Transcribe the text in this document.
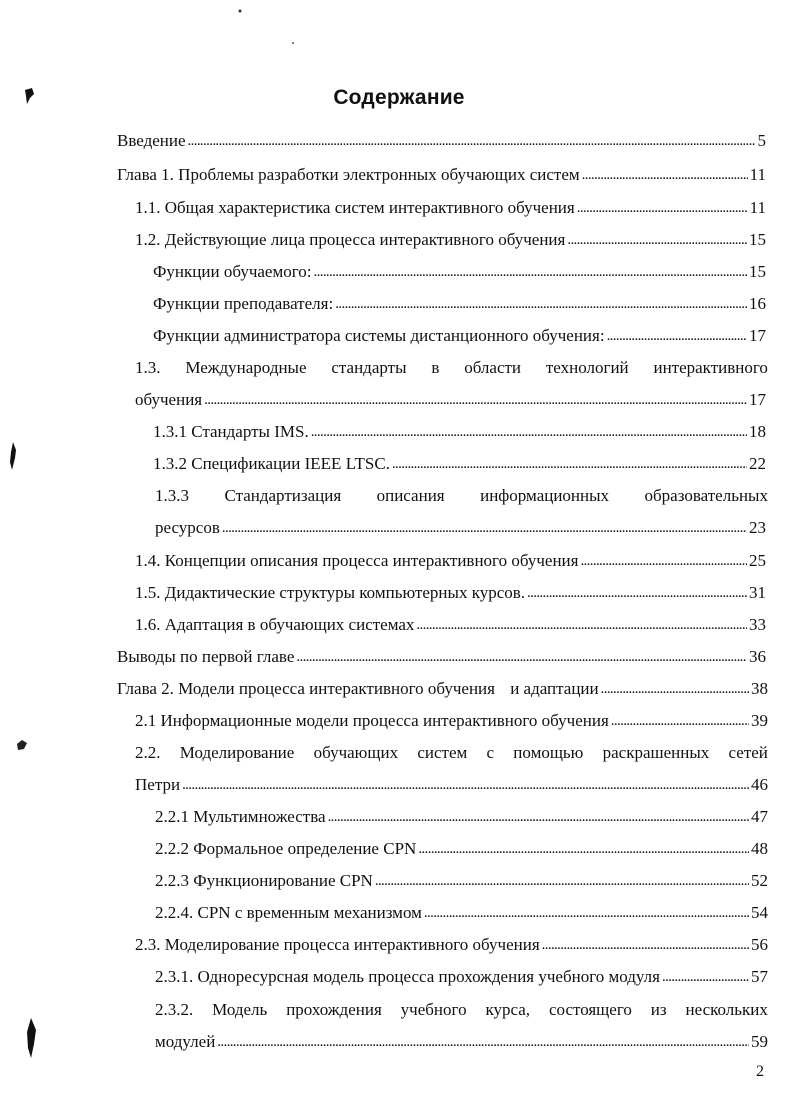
Содержание
Введение . . .	5
Глава 1. Проблемы разработки электронных обучающих систем . . .	11
1.1. Общая характеристика систем интерактивного обучения . . .	11
1.2. Действующие лица процесса интерактивного обучения . . .	15
Функции обучаемого: . . .	15
Функции преподавателя: . . .	16
Функции администратора системы дистанционного обучения: . . .	17
1.3. Международные стандарты в области технологий интерактивного
обучения . . .	17
1.3.1 Стандарты IMS. . . .	18
1.3.2 Спецификации IEEE LTSC. . . .	22
1.3.3 Стандартизация описания информационных образовательных
ресурсов . . .	23
1.4. Концепции описания процесса интерактивного обучения . . .	25
1.5. Дидактические структуры компьютерных курсов. . . .	31
1.6. Адаптация в обучающих системах . . .	33
Выводы по первой главе . . .	36
Глава 2. Модели процесса интерактивного обучения и адаптации . . .	38
2.1 Информационные модели процесса интерактивного обучения . . .	39
2.2. Моделирование обучающих систем с помощью раскрашенных сетей
Петри . . .	46
2.2.1 Мультимножества . . .	47
2.2.2 Формальное определение CPN . . .	48
2.2.3 Функционирование CPN . . .	52
2.2.4. CPN с временным механизмом . . .	54
2.3. Моделирование процесса интерактивного обучения . . .	56
2.3.1. Одноресурсная модель процесса прохождения учебного модуля . . .	57
2.3.2. Модель прохождения учебного курса, состоящего из нескольких
модулей . . .	59
2
